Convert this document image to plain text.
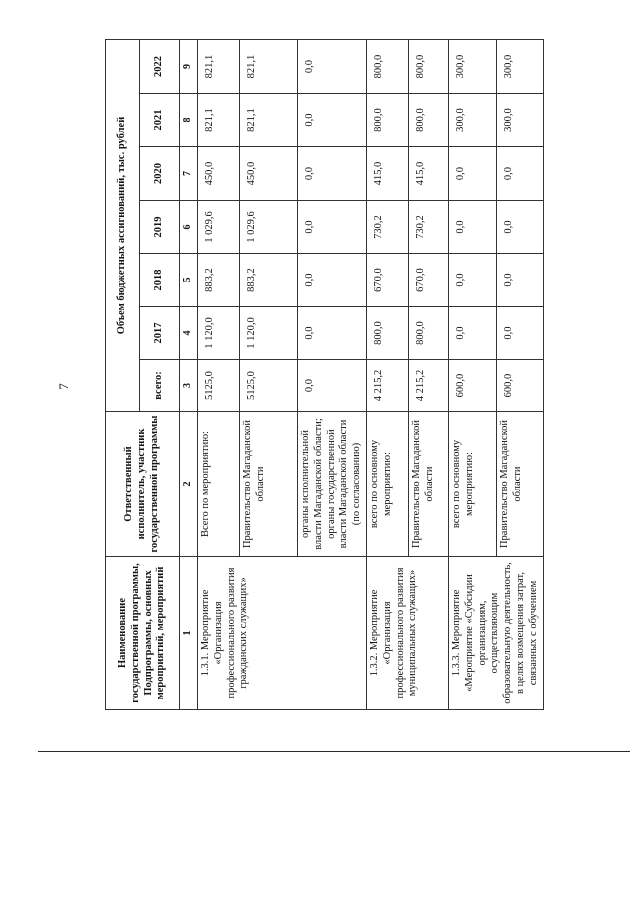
7
Наименование государственной программы, Подпрограммы, основных мероприятий, мероприятий	Ответственный исполнитель, участник государственной программы	Объем бюджетных ассигнований, тыс. рублей						
		всего:	2017	2018	2019	2020	2021	2022
1	2	3	4	5	6	7	8	9
1.3.1. Мероприятие «Организация профессионального развития гражданских служащих»	Всего по мероприятию:	5125,0	1 120,0	883,2	1 029,6	450,0	821,1	821,1
	Правительство Магаданской области	5125,0	1 120,0	883,2	1 029,6	450,0	821,1	821,1
	органы исполнительной власти Магаданской области; органы государственной власти Магаданской области (по согласованию)	0,0	0,0	0,0	0,0	0,0	0,0	0,0
1.3.2. Мероприятие «Организация профессионального развития муниципальных служащих»	всего по основному мероприятию:	4 215,2	800,0	670,0	730,2	415,0	800,0	800,0
	Правительство Магаданской области	4 215,2	800,0	670,0	730,2	415,0	800,0	800,0
1.3.3. Мероприятие «Мероприятие «Субсидии организациям, осуществляющим образовательную деятельность, в целях возмещения затрат, связанных с обучением	всего по основному мероприятию:	600,0	0,0	0,0	0,0	0,0	300,0	300,0
	Правительство Магаданской области	600,0	0,0	0,0	0,0	0,0	300,0	300,0
